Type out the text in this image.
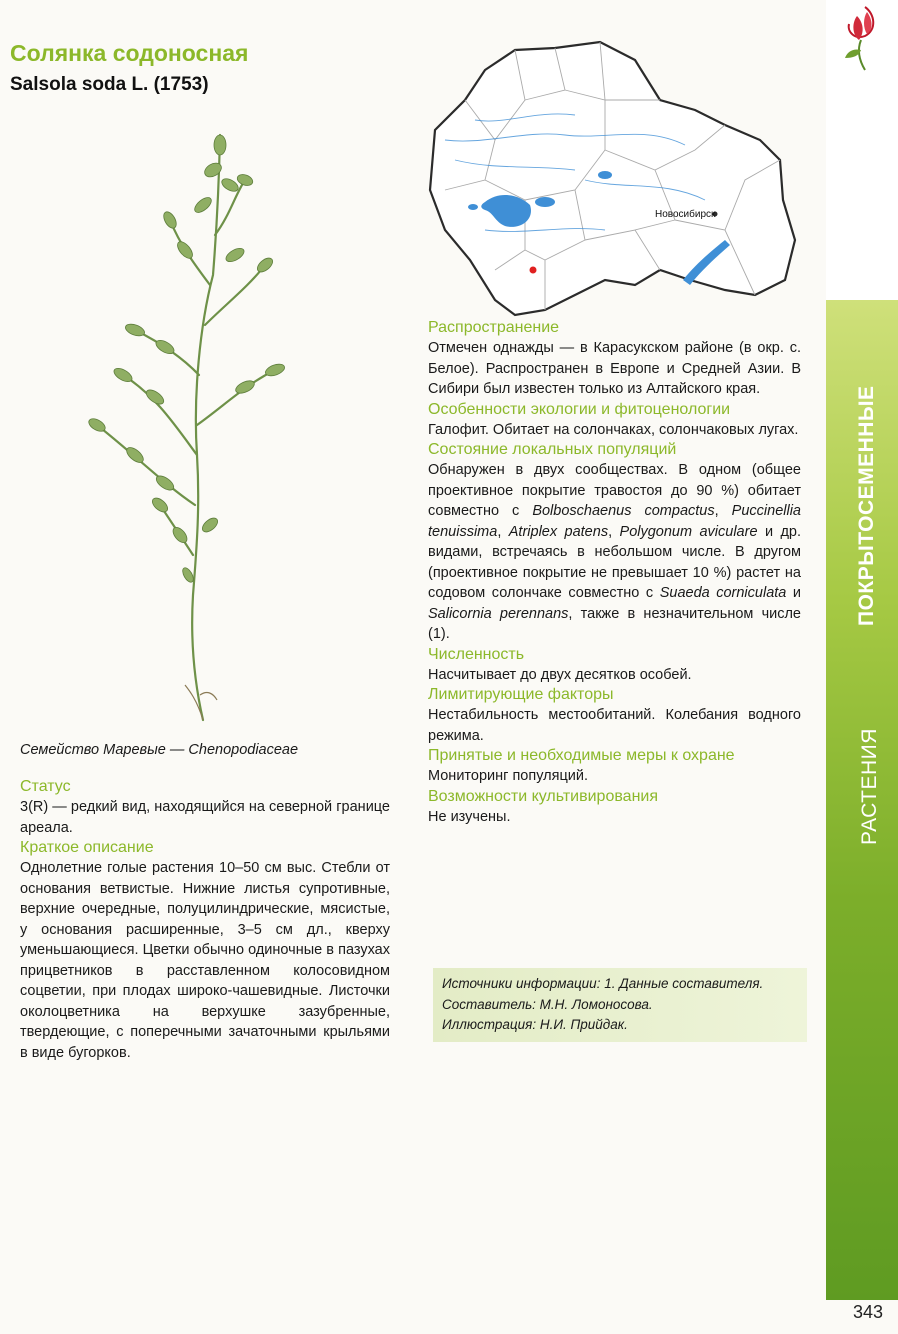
Солянка содоносная
Salsola soda L. (1753)
Новосибирск
Семейство Маревые — Chenopodiaceae

Статус

3(R) — редкий вид, находящийся на северной границе ареала.

Краткое описание

Однолетние голые растения 10–50 см выс. Стебли от основания ветвистые. Нижние листья супротивные, верхние очередные, полуцилиндрические, мясистые, у основания расширенные, 3–5 см дл., кверху уменьшающиеся. Цветки обычно одиночные в пазухах прицветников в расставленном колосовидном соцветии, при плодах широко-чашевидные. Листочки околоцветника на верхушке зазубренные, твердеющие, с поперечными зачаточными крыльями в виде бугорков.

Распространение

Отмечен однажды — в Карасукском районе (в окр. с. Белое). Распространен в Европе и Средней Азии. В Сибири был известен только из Алтайского края.

Особенности экологии и фитоценологии

Галофит. Обитает на солончаках, солончаковых лугах.

Состояние локальных популяций

Обнаружен в двух сообществах. В одном (общее проективное покрытие травостоя до 90 %) обитает совместно с Bolboschaenus compactus, Puccinellia tenuissima, Atriplex patens, Polygonum aviculare и др. видами, встречаясь в небольшом числе. В другом (проективное покрытие не превышает 10 %) растет на содовом солончаке совместно с Suaeda corniculata и Salicornia perennans, также в незначительном числе (1).

Численность

Насчитывает до двух десятков особей.

Лимитирующие факторы

Нестабильность местообитаний. Колебания водного режима.

Принятые и необходимые меры к охране

Мониторинг популяций.

Возможности культивирования

Не изучены.

Источники информации: 1. Данные составителя.
Составитель: М.Н. Ломоносова.
Иллюстрация: Н.И. Прийдак.
ПОКРЫТОСЕМЕННЫЕ
РАСТЕНИЯ
343
